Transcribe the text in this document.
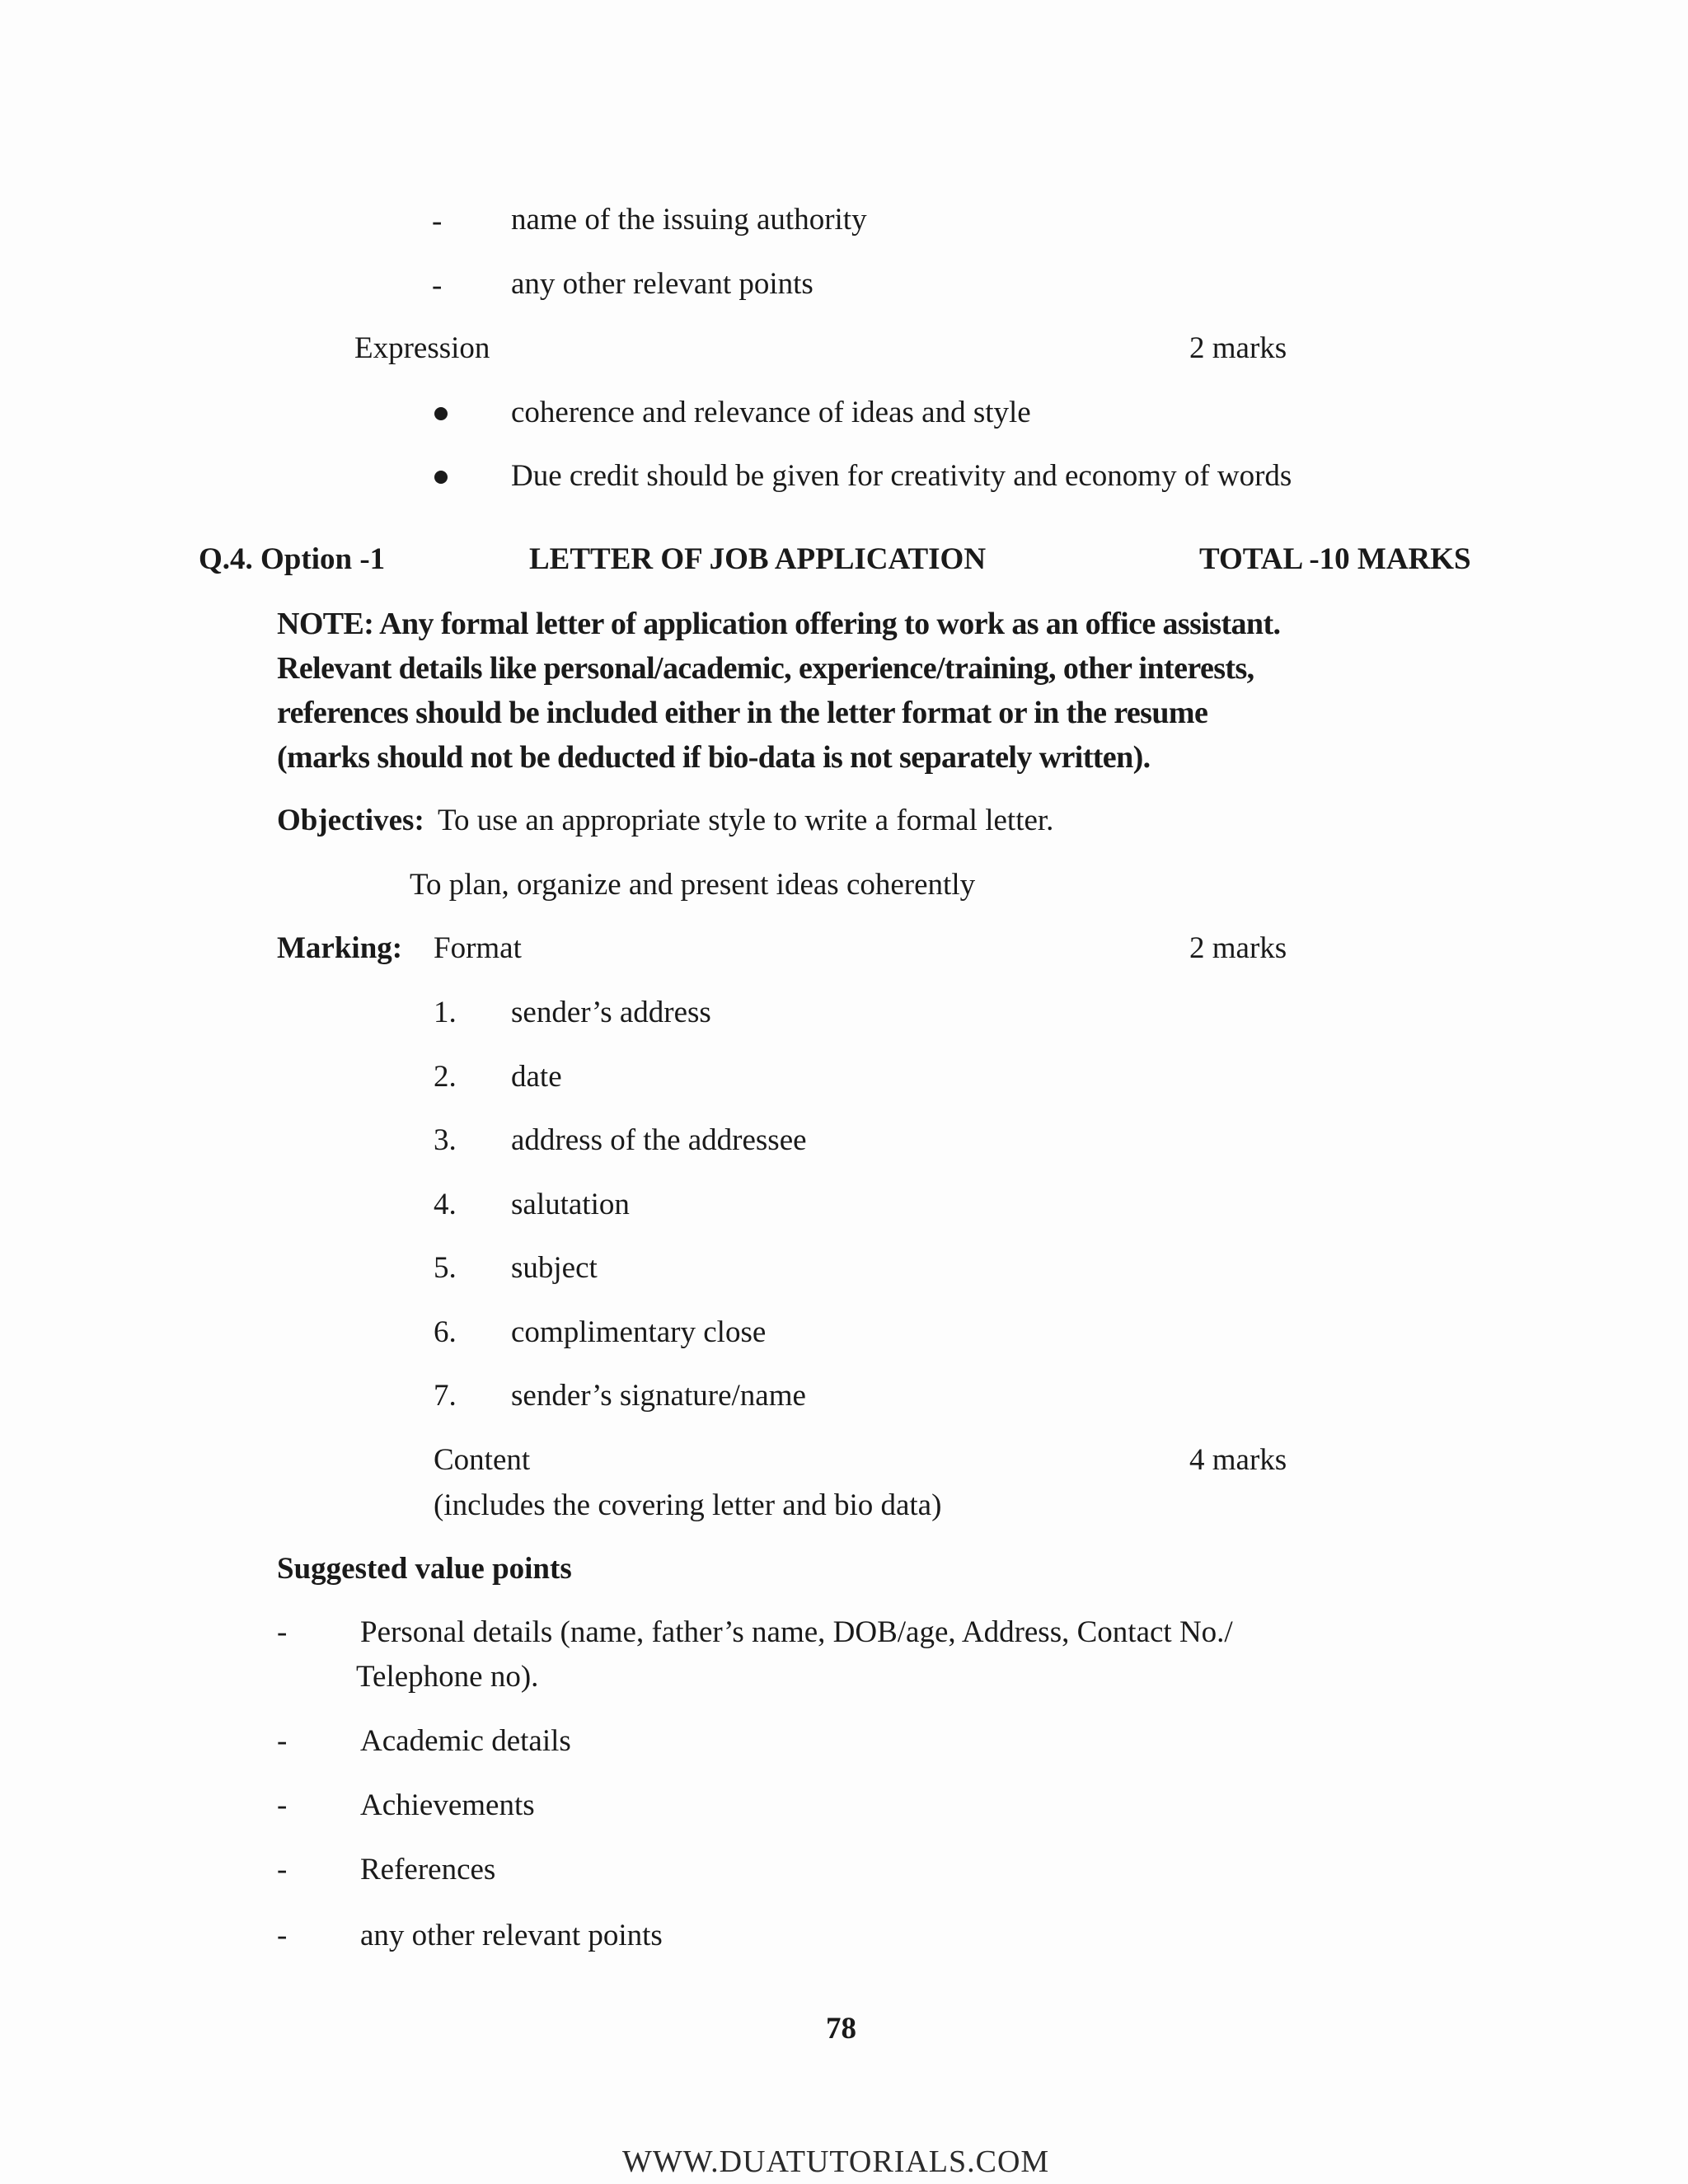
- name of the issuing authority
- any other relevant points
Expression	2 marks
coherence and relevance of ideas and style
Due credit should be given for creativity and economy of words
Q.4. Option -1	LETTER OF JOB APPLICATION	TOTAL -10 MARKS
NOTE: Any formal letter of application offering to work as an office assistant.
Relevant details like personal/academic, experience/training, other interests,
references should be included either in the letter format or in the resume
(marks should not be deducted if bio-data is not separately written).
Objectives: To use an appropriate style to write a formal letter.
To plan, organize and present ideas coherently
Marking: Format	2 marks
1. sender’s address
2. date
3. address of the addressee
4. salutation
5. subject
6. complimentary close
7. sender’s signature/name
Content	4 marks
(includes the covering letter and bio data)
Suggested value points
- Personal details (name, father’s name, DOB/age, Address, Contact No./
Telephone no).
- Academic details
- Achievements
- References
- any other relevant points
78
WWW.DUATUTORIALS.COM
